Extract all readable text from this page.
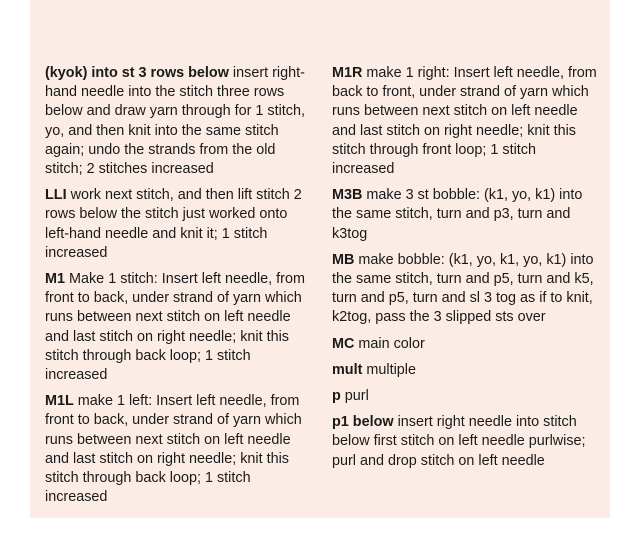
(kyok) into st 3 rows below insert right-hand needle into the stitch three rows below and draw yarn through for 1 stitch, yo, and then knit into the same stitch again; undo the strands from the old stitch; 2 stitches increased

LLI work next stitch, and then lift stitch 2 rows below the stitch just worked onto left-hand needle and knit it; 1 stitch increased

M1 Make 1 stitch: Insert left needle, from front to back, under strand of yarn which runs between next stitch on left needle and last stitch on right needle; knit this stitch through back loop; 1 stitch increased

M1L make 1 left: Insert left needle, from front to back, under strand of yarn which runs between next stitch on left needle and last stitch on right needle; knit this stitch through back loop; 1 stitch increased

M1R make 1 right: Insert left needle, from back to front, under strand of yarn which runs between next stitch on left needle and last stitch on right needle; knit this stitch through front loop; 1 stitch increased

M3B make 3 st bobble: (k1, yo, k1) into the same stitch, turn and p3, turn and k3tog

MB make bobble: (k1, yo, k1, yo, k1) into the same stitch, turn and p5, turn and k5, turn and p5, turn and sl 3 tog as if to knit, k2tog, pass the 3 slipped sts over

MC main color

mult multiple

p purl

p1 below insert right needle into stitch below first stitch on left needle purlwise; purl and drop stitch on left needle
